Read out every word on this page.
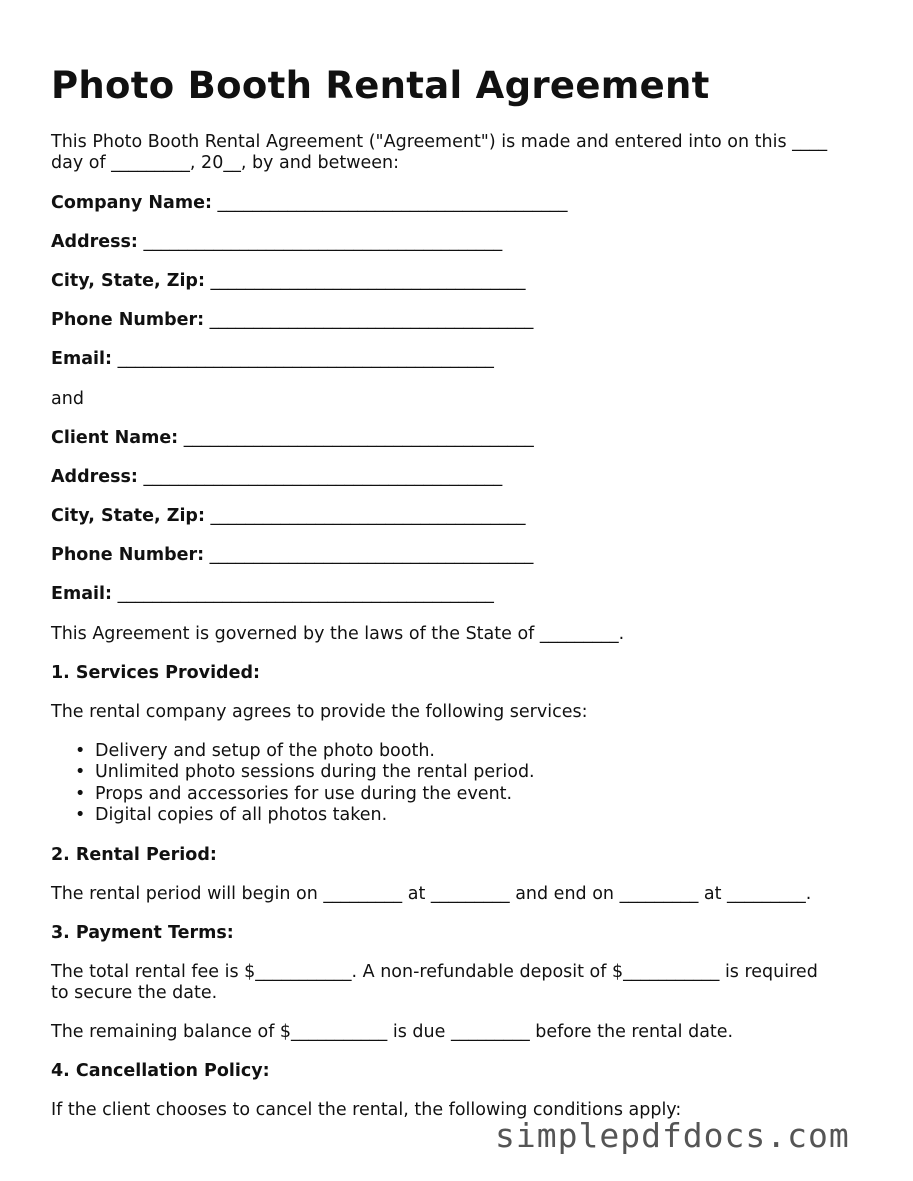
Photo Booth Rental Agreement
This Photo Booth Rental Agreement ("Agreement") is made and entered into on this ____
day of _________, 20__, by and between:
Company Name: ________________________________________
Address: _________________________________________
City, State, Zip: ____________________________________
Phone Number: _____________________________________
Email: ___________________________________________
and
Client Name: ________________________________________
Address: _________________________________________
City, State, Zip: ____________________________________
Phone Number: _____________________________________
Email: ___________________________________________
This Agreement is governed by the laws of the State of _________.
1. Services Provided:
The rental company agrees to provide the following services:
• Delivery and setup of the photo booth.
• Unlimited photo sessions during the rental period.
• Props and accessories for use during the event.
• Digital copies of all photos taken.
2. Rental Period:
The rental period will begin on _________ at _________ and end on _________ at _________.
3. Payment Terms:
The total rental fee is $___________. A non-refundable deposit of $___________ is required
to secure the date.
The remaining balance of $___________ is due _________ before the rental date.
4. Cancellation Policy:
If the client chooses to cancel the rental, the following conditions apply:
simplepdfdocs.com
